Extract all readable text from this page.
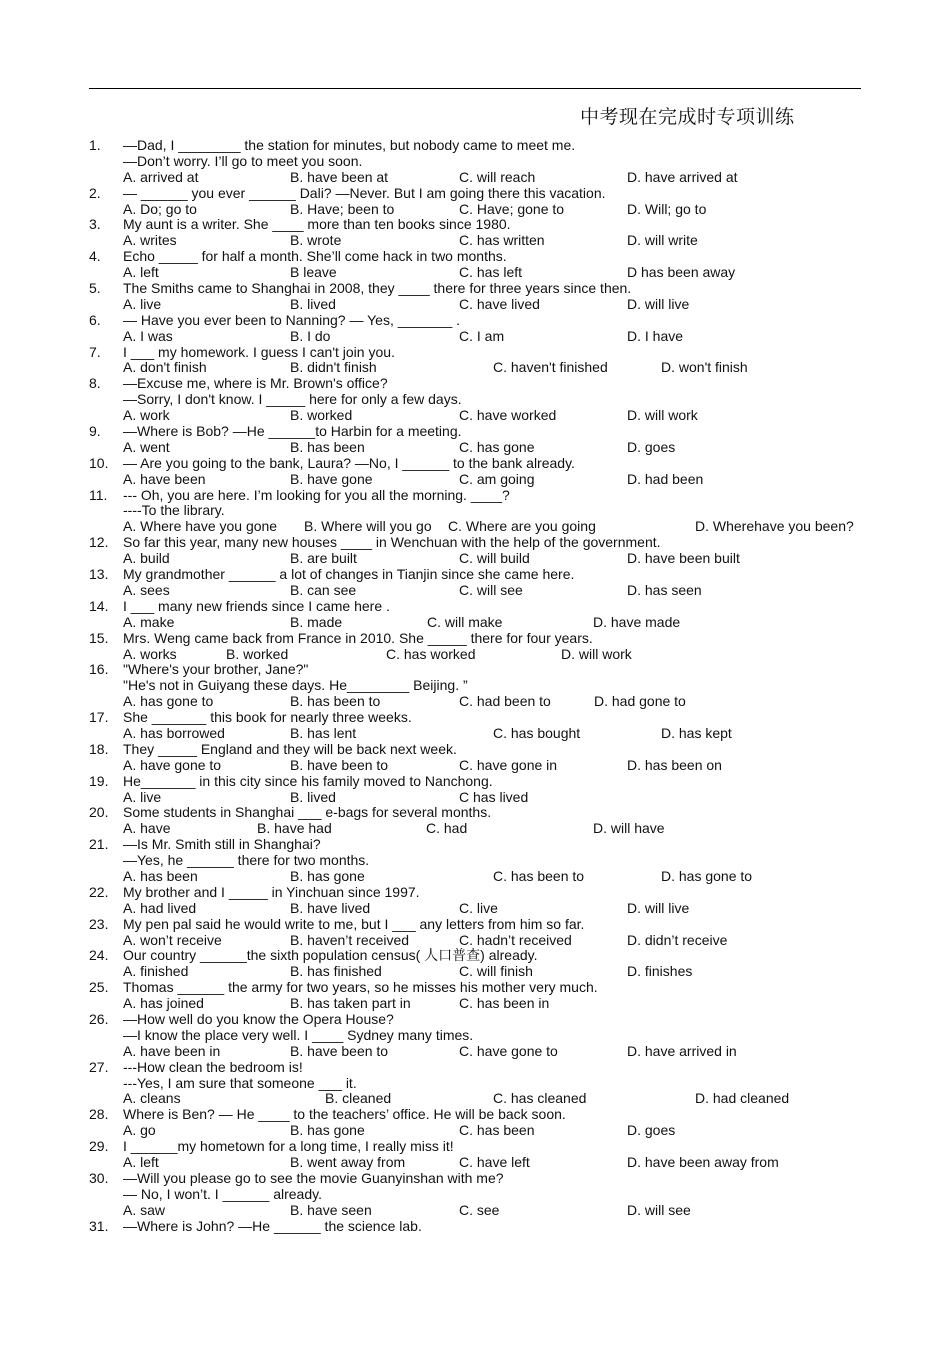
中考现在完成时专项训练
1. —Dad, I ________ the station for minutes, but nobody came to meet me.
—Don’t worry. I’ll go to meet you soon.
A. arrived at	B. have been at	C. will reach	D. have arrived at
2. — ______ you ever ______ Dali? —Never. But I am going there this vacation.
A. Do; go to	B. Have; been to	C. Have; gone to	D. Will; go to
3. My aunt is a writer. She ____ more than ten books since 1980.
A. writes	B. wrote	C. has written	D. will write
4. Echo _____ for half a month. She’ll come hack in two months.
A. left	B leave	C. has left	D has been away
5. The Smiths came to Shanghai in 2008, they ____ there for three years since then.
A. live	B. lived	C. have lived	D. will live
6. — Have you ever been to Nanning? — Yes, _______ .
A. I was	B. I do	C. I am	D. I have
7. I ___ my homework. I guess I can't join you.
A. don't finish	B. didn't finish	C. haven't finished	D. won't finish
8. —Excuse me, where is Mr. Brown's office?
—Sorry, I don't know. I _____ here for only a few days.
A. work	B. worked	C. have worked	D. will work
9. —Where is Bob? —He ______to Harbin for a meeting.
A. went	B. has been	C. has gone	D. goes
10. — Are you going to the bank, Laura? —No, I ______ to the bank already.
A. have been	B. have gone	C. am going	D. had been
11. --- Oh, you are here. I’m looking for you all the morning. ____?
----To the library.
A. Where have you gone B. Where will you go C. Where are you going	D. Wherehave you been?
12. So far this year, many new houses ____ in Wenchuan with the help of the government.
A. build	B. are built	C. will build	D. have been built
13. My grandmother ______ a lot of changes in Tianjin since she came here.
A. sees	B. can see	C. will see	D. has seen
14. I ___ many new friends since I came here .
A. make	B. made	C. will make	D. have made
15. Mrs. Weng came back from France in 2010. She _____ there for four years.
A. works	B. worked	C. has worked	D. will work
16. "Where's your brother, Jane?"
"He's not in Guiyang these days. He________ Beijing. ”
A. has gone to	B. has been to	C. had been to	D. had gone to
17. She _______ this book for nearly three weeks.
A. has borrowed	B. has lent	C. has bought	D. has kept
18. They _____ England and they will be back next week.
A. have gone to	B. have been to	C. have gone in	D. has been on
19. He_______ in this city since his family moved to Nanchong.
A. live	B. lived	C has lived
20. Some students in Shanghai ___ e-bags for several months.
A. have	B. have had	C. had	D. will have
21. —Is Mr. Smith still in Shanghai?
—Yes, he ______ there for two months.
A. has been	B. has gone	C. has been to	D. has gone to
22. My brother and I _____ in Yinchuan since 1997.
A. had lived	B. have lived	C. live	D. will live
23. My pen pal said he would write to me, but I ___ any letters from him so far.
A. won’t receive	B. haven’t received	C. hadn’t received	D. didn’t receive
24. Our country ______the sixth population census( 人口普查) already.
A. finished	B. has finished	C. will finish	D. finishes
25. Thomas ______ the army for two years, so he misses his mother very much.
A. has joined	B. has taken part in	C. has been in
26. —How well do you know the Opera House?
—I know the place very well. I ____ Sydney many times.
A. have been in	B. have been to	C. have gone to	D. have arrived in
27. ---How clean the bedroom is!
---Yes, I am sure that someone ___ it.
A. cleans	B. cleaned	C. has cleaned	D. had cleaned
28. Where is Ben? — He ____ to the teachers’ office. He will be back soon.
A. go	B. has gone	C. has been	D. goes
29. I ______my hometown for a long time, I really miss it!
A. left	B. went away from	C. have left	D. have been away from
30. —Will you please go to see the movie Guanyinshan with me?
— No, I won’t. I ______ already.
A. saw	B. have seen	C. see	D. will see
31. —Where is John? —He ______ the science lab.
